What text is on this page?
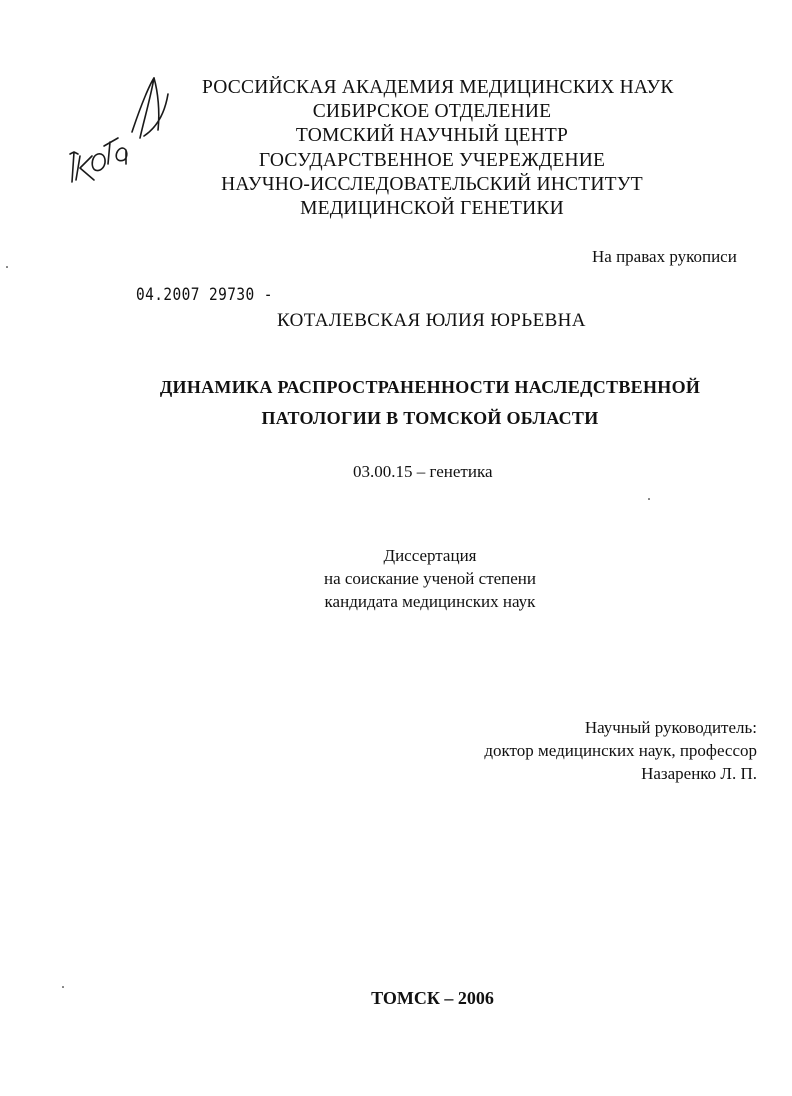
РОССИЙСКАЯ АКАДЕМИЯ МЕДИЦИНСКИХ НАУК
СИБИРСКОЕ ОТДЕЛЕНИЕ
ТОМСКИЙ НАУЧНЫЙ ЦЕНТР
ГОСУДАРСТВЕННОЕ УЧЕРЕЖДЕНИЕ
НАУЧНО-ИССЛЕДОВАТЕЛЬСКИЙ ИНСТИТУТ
МЕДИЦИНСКОЙ ГЕНЕТИКИ
На правах рукописи
04.2007 29730 -
КОТАЛЕВСКАЯ ЮЛИЯ ЮРЬЕВНА
ДИНАМИКА РАСПРОСТРАНЕННОСТИ НАСЛЕДСТВЕННОЙ
ПАТОЛОГИИ В ТОМСКОЙ ОБЛАСТИ
03.00.15 – генетика
Диссертация
на соискание ученой степени
кандидата медицинских наук
Научный руководитель:
доктор медицинских наук, профессор
Назаренко Л. П.
ТОМСК – 2006
